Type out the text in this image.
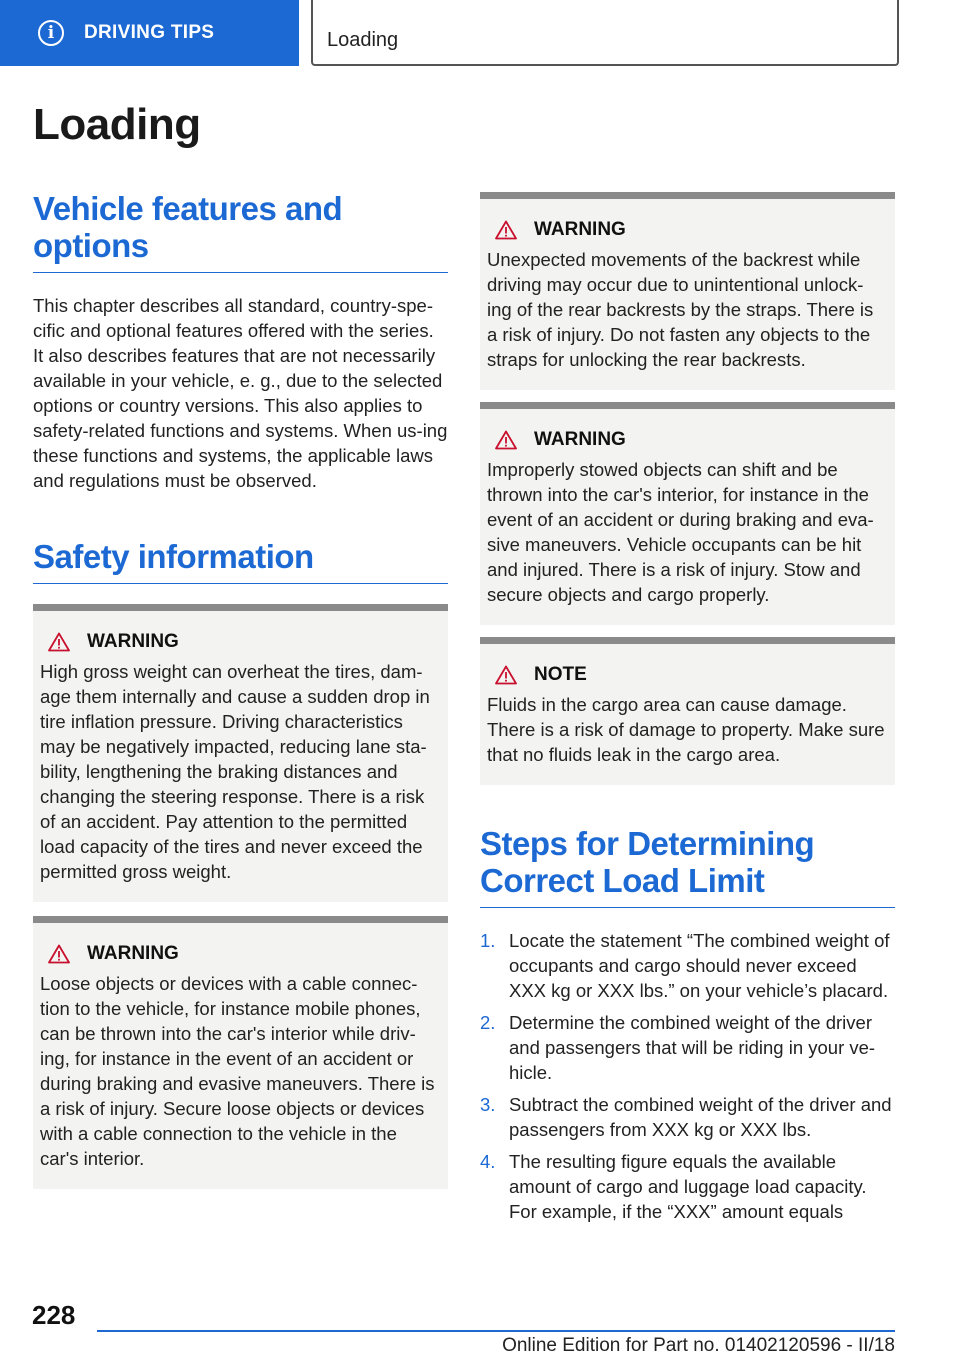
i	DRIVING TIPS	Loading
Loading
Vehicle features and options

This chapter describes all standard, country-spe-cific and optional features offered with the series. It also describes features that are not necessarily available in your vehicle, e. g., due to the selected options or country versions. This also applies to safety-related functions and systems. When us-ing these functions and systems, the applicable laws and regulations must be observed.

Safety information
WARNING
High gross weight can overheat the tires, dam-age them internally and cause a sudden drop in tire inflation pressure. Driving characteristics may be negatively impacted, reducing lane sta-bility, lengthening the braking distances and changing the steering response. There is a risk of an accident. Pay attention to the permitted load capacity of the tires and never exceed the permitted gross weight.
WARNING
Loose objects or devices with a cable connec-tion to the vehicle, for instance mobile phones, can be thrown into the car's interior while driv-ing, for instance in the event of an accident or during braking and evasive maneuvers. There is a risk of injury. Secure loose objects or devices with a cable connection to the vehicle in the car's interior.
WARNING
Unexpected movements of the backrest while driving may occur due to unintentional unlock-ing of the rear backrests by the straps. There is a risk of injury. Do not fasten any objects to the straps for unlocking the rear backrests.
WARNING
Improperly stowed objects can shift and be thrown into the car's interior, for instance in the event of an accident or during braking and eva-sive maneuvers. Vehicle occupants can be hit and injured. There is a risk of injury. Stow and secure objects and cargo properly.
NOTE
Fluids in the cargo area can cause damage. There is a risk of damage to property. Make sure that no fluids leak in the cargo area.
Steps for Determining Correct Load Limit
1. Locate the statement “The combined weight of occupants and cargo should never exceed XXX kg or XXX lbs.” on your vehicle’s placard.
2. Determine the combined weight of the driver and passengers that will be riding in your ve-hicle.
3. Subtract the combined weight of the driver and passengers from XXX kg or XXX lbs.
4. The resulting figure equals the available amount of cargo and luggage load capacity. For example, if the “XXX” amount equals
228
Online Edition for Part no. 01402120596 - II/18
